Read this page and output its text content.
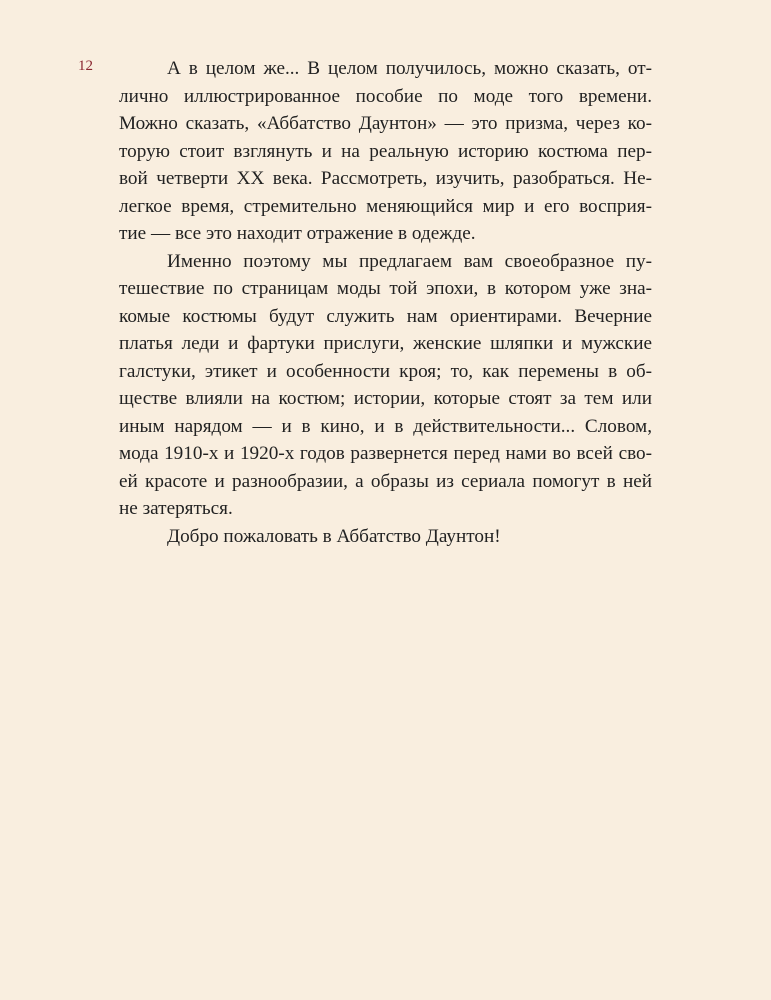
12	А в целом же... В целом получилось, можно сказать, от-
лично иллюстрированное пособие по моде того времени.
Можно сказать, «Аббатство Даунтон» — это призма, через ко-
торую стоит взглянуть и на реальную историю костюма пер-
вой четверти XX века. Рассмотреть, изучить, разобраться. Не-
легкое время, стремительно меняющийся мир и его восприя-
тие — все это находит отражение в одежде.
Именно поэтому мы предлагаем вам своеобразное пу-
тешествие по страницам моды той эпохи, в котором уже зна-
комые костюмы будут служить нам ориентирами. Вечерние
платья леди и фартуки прислуги, женские шляпки и мужские
галстуки, этикет и особенности кроя; то, как перемены в об-
ществе влияли на костюм; истории, которые стоят за тем или
иным нарядом — и в кино, и в действительности... Словом,
мода 1910-х и 1920-х годов развернется перед нами во всей сво-
ей красоте и разнообразии, а образы из сериала помогут в ней
не затеряться.
Добро пожаловать в Аббатство Даунтон!
